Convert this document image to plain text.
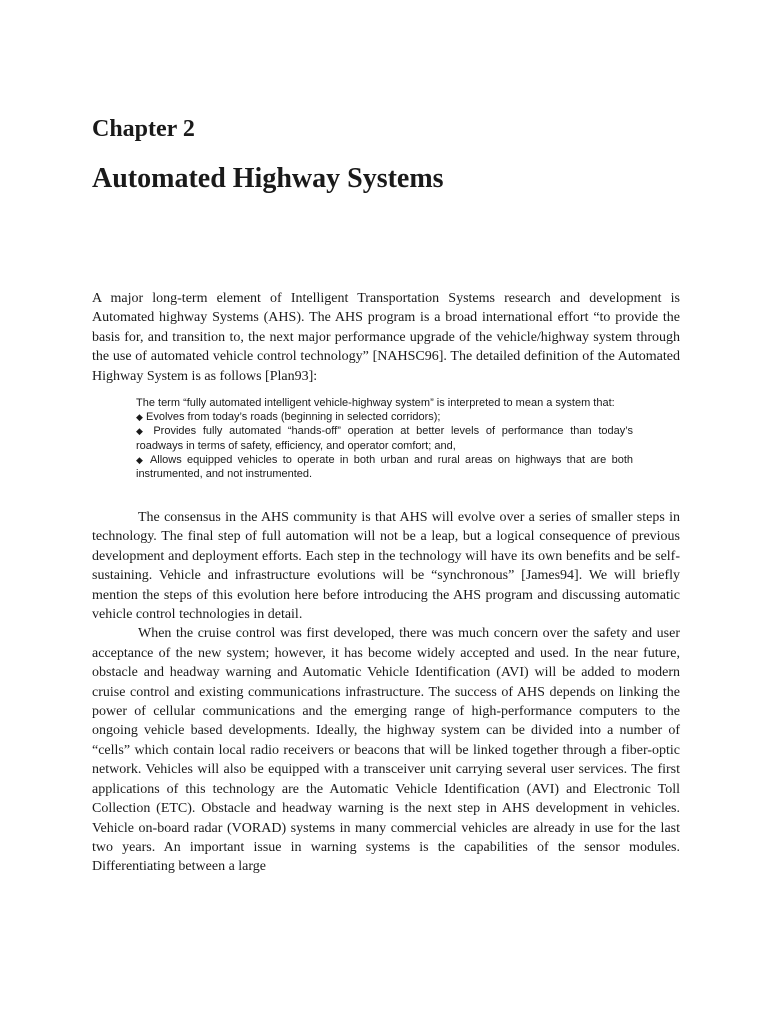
Chapter 2
Automated Highway Systems

A major long-term element of Intelligent Transportation Systems research and development is Automated highway Systems (AHS). The AHS program is a broad international effort “to provide the basis for, and transition to, the next major performance upgrade of the vehicle/highway system through the use of automated vehicle control technology” [NAHSC96]. The detailed definition of the Automated Highway System is as follows [Plan93]:

The term “fully automated intelligent vehicle-highway system” is interpreted to mean a system that:

◆ Evolves from today’s roads (beginning in selected corridors);
◆ Provides fully automated “hands-off” operation at better levels of performance than today’s roadways in terms of safety, efficiency, and operator comfort; and,
◆ Allows equipped vehicles to operate in both urban and rural areas on highways that are both instrumented, and not instrumented.

The consensus in the AHS community is that AHS will evolve over a series of smaller steps in technology. The final step of full automation will not be a leap, but a logical consequence of previous development and deployment efforts. Each step in the technology will have its own benefits and be self-sustaining. Vehicle and infrastructure evolutions will be “synchronous” [James94]. We will briefly mention the steps of this evolution here before introducing the AHS program and discussing automatic vehicle control technologies in detail.

When the cruise control was first developed, there was much concern over the safety and user acceptance of the new system; however, it has become widely accepted and used. In the near future, obstacle and headway warning and Automatic Vehicle Identification (AVI) will be added to modern cruise control and existing communications infrastructure. The success of AHS depends on linking the power of cellular communications and the emerging range of high-performance computers to the ongoing vehicle based developments. Ideally, the highway system can be divided into a number of “cells” which contain local radio receivers or beacons that will be linked together through a fiber-optic network. Vehicles will also be equipped with a transceiver unit carrying several user services. The first applications of this technology are the Automatic Vehicle Identification (AVI) and Electronic Toll Collection (ETC). Obstacle and headway warning is the next step in AHS development in vehicles. Vehicle on-board radar (VORAD) systems in many commercial vehicles are already in use for the last two years. An important issue in warning systems is the capabilities of the sensor modules. Differentiating between a large
